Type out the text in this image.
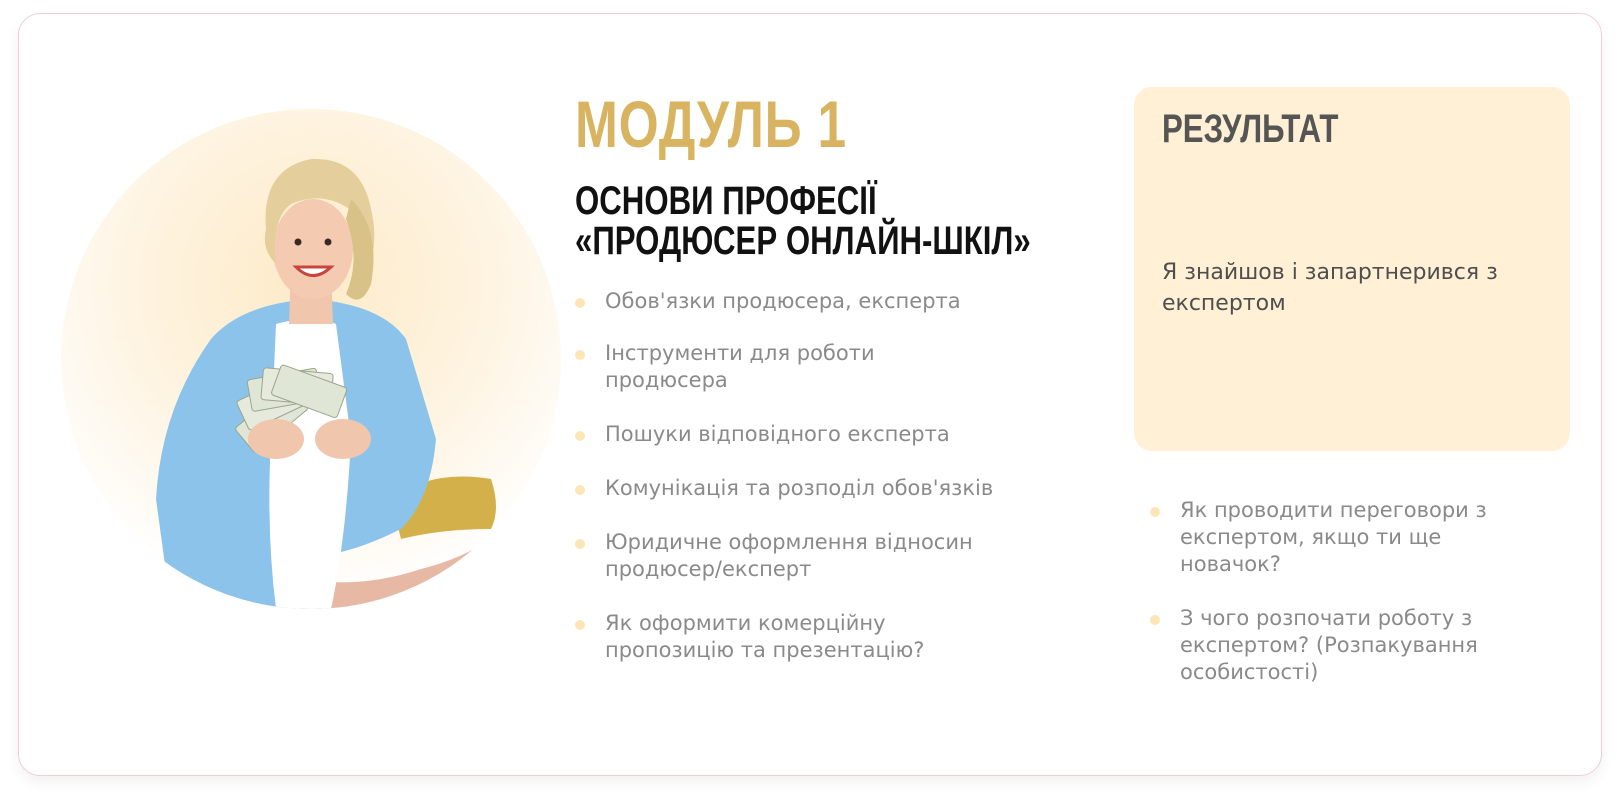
МОДУЛЬ 1
ОСНОВИ ПРОФЕСІЇ «ПРОДЮСЕР ОНЛАЙН-ШКІЛ»
Обов'язки продюсера, експерта
Інструменти для роботи продюсера
Пошуки відповідного експерта
Комунікація та розподіл обов'язків
Юридичне оформлення відносин продюсер/експерт
Як оформити комерційну пропозицію та презентацію?
РЕЗУЛЬТАТ

Я знайшов і запартнерився з експертом

Як проводити переговори з експертом, якщо ти ще новачок?
З чого розпочати роботу з експертом? (Розпакування особистості)
